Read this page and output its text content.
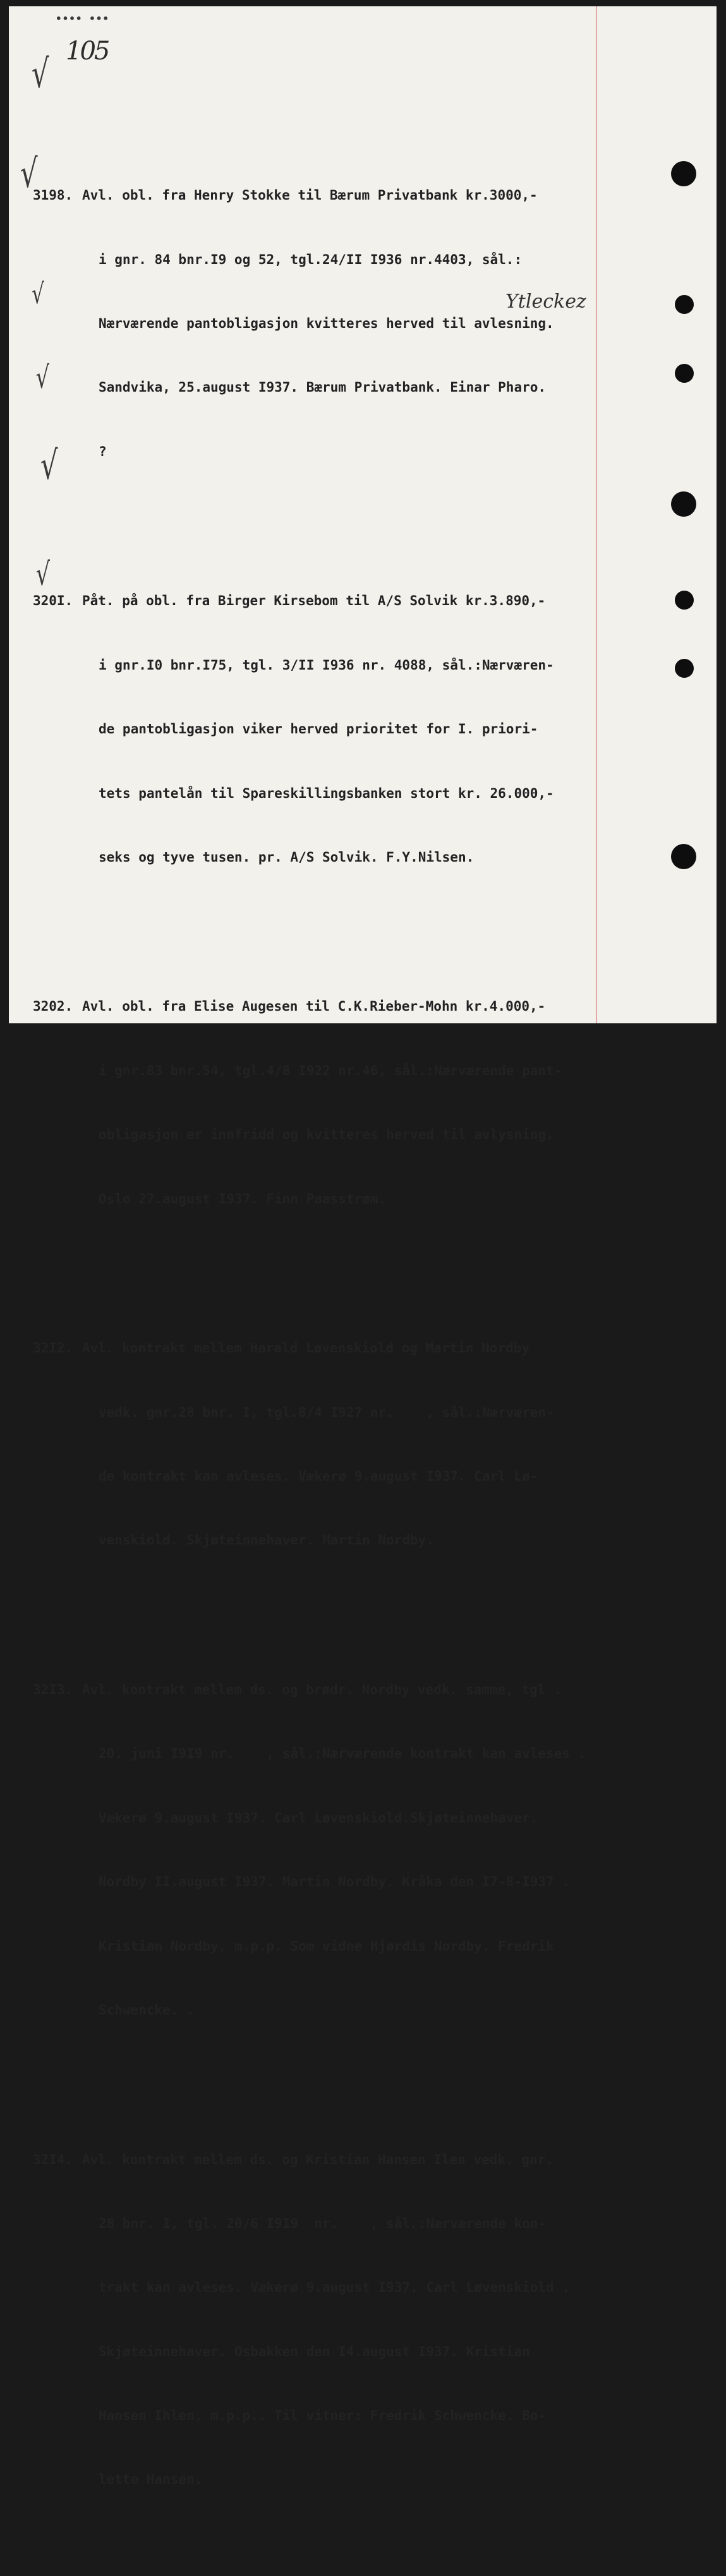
•••• •••
105
√
√
√
√
√
√
Ytleckez

3198. Avl. obl. fra Henry Stokke til Bærum Privatbank kr.3000,-

i gnr. 84 bnr.I9 og 52, tgl.24/II I936 nr.4403, sål.:

Nærværende pantobligasjon kvitteres herved til avlesning.

Sandvika, 25.august I937. Bærum Privatbank. Einar Pharo.

?

320I. Påt. på obl. fra Birger Kirsebom til A/S Solvik kr.3.890,-

i gnr.I0 bnr.I75, tgl. 3/II I936 nr. 4088, sål.:Nærværen-

de pantobligasjon viker herved prioritet for I. priori-

tets pantelån til Spareskillingsbanken stort kr. 26.000,-

seks og tyve tusen. pr. A/S Solvik. F.Y.Nilsen.

3202. Avl. obl. fra Elise Augesen til C.K.Rieber-Mohn kr.4.000,-

i gnr.83 bnr.54, tgl.4/8 I922 nr.46, sål.:Nærværende pant-

obligasjon er innfridd og kvitteres herved til avlysning.

Oslo 27.august I937. Finn Paasstrøm.

32I2. Avl. kontrakt mellem Harald Løvenskiold og Martin Nordby

vedk. gnr.28 bnr. I, tgl.8/4 I927 nr.    , sål.:Nærværen-

de kontrakt kan avleses. Vækerø 9.august I937. Carl Lø-

venskiold. Skjøteinnehaver. Martin Nordby.

32I3. Avl. kontrakt mellem ds. og brødr. Nordby vedk. samme, tgl .

20. juni I9I9 nr.    , sål.:Nærværende kontrakt kan avleses .

Vækerø 9.august I937. Carl Løvenskiold.Skjøteinnehaver.

Nordby II.august I937. Martin Nordby. Kråka den I7-8-I937 .

Kristian Nordby, m.p.p. Som vidne Hjørdis Nordby. Fredrik

Schwencke. .

32I4. Avl. kontrakt mellem ds. og Kristian Hansen Ilen vedk. gnr.

28 bnr. I, tgl. 20/6 I9I9  nr.    , sål.:Nærværende kon-

trakt kan avleses. Vækerø 9.august I937. Carl Løvenskiold .

Skjøteinnehaver. Osbakken den I4.august I937. Kristian

Hansen Ihlen, m.p.p.. Til vitner: Fredrik Schwencke. Bo-

lette Hansen.
